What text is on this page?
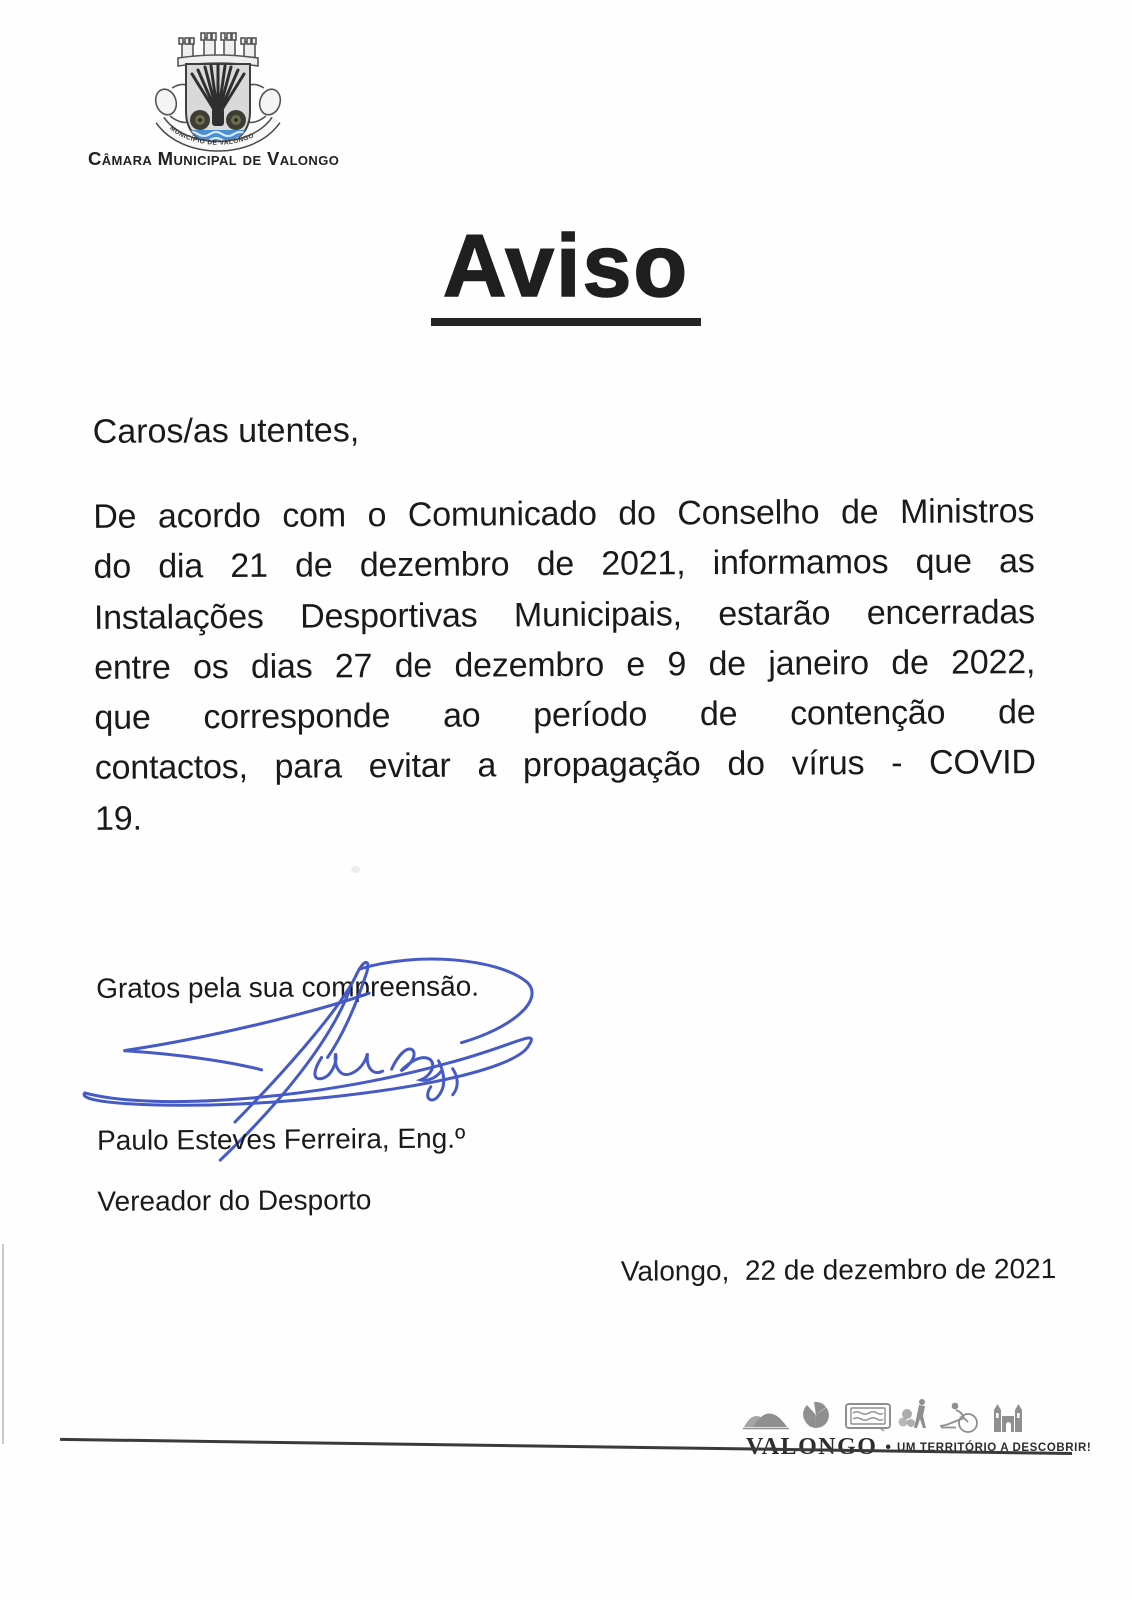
MUNICÍPIO DE VALONGO
Câmara Municipal de Valongo
Aviso
Caros/as utentes,
De acordo com o Comunicado do Conselho de Ministros
do dia 21 de dezembro de 2021, informamos que as
Instalações Desportivas Municipais, estarão encerradas
entre os dias 27 de dezembro e 9 de janeiro de 2022,
que corresponde ao período de contenção de
contactos, para evitar a propagação do vírus - COVID
19.
Gratos pela sua compreensão.
Paulo Esteves Ferreira, Eng.º
Vereador do Desporto
Valongo,  22 de dezembro de 2021
VALONGO • UM TERRITÓRIO A DESCOBRIR!
